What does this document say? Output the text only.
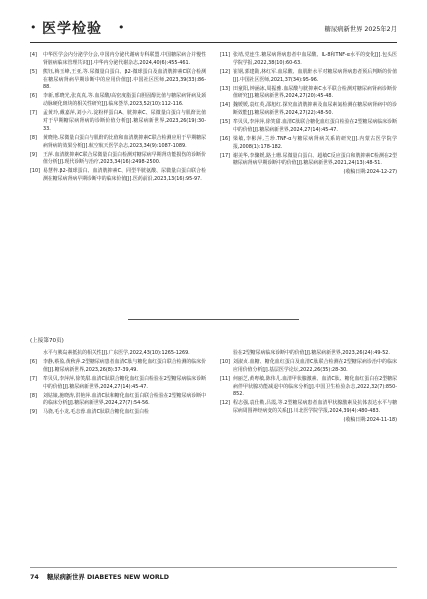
• 医学检验 •	糖尿病新世界 2025年2月
[4]	中华医学会内分泌学分会,中国内分泌代谢病专科联盟.中国糖尿病合并慢性肾脏病临床管理共识[J].中华内分泌代谢杂志,2024,40(6):455-461.
[5]	熊钰,梅玉峰,王亚,等.尿微量白蛋白、β2-微球蛋白及血清胱抑素C联合检测在糖尿病肾病早期诊断中的应用价值[J].中国社区医师,2023,39(33):86-88.
[6]	李新,邢晓光,张真真,等.血尿酸/高密度脂蛋白胆固醇比值与糖尿病肾病及颈动脉硬化斑块的相关性研究[J].临床荟萃,2023,52(10):112-116.
[7]	孟黄玲,戴嘉萍,刘小六.淀粉样蛋白A、胱抑素C、尿微量白蛋白与肌酐比值对于早期糖尿病肾病的诊断价值分析[J].糖尿病新世界,2023,26(19):30-33.
[8]	黄晓艳.尿微量白蛋白与肌酐的比值和血清胱抑素C联合检测应用于早期糖尿病肾病的效果分析[J].航空航天医学杂志,2023,34(9):1087-1089.
[9]	王萍.血清胱抑素C联合尿微量白蛋白检测对糖尿病早期肾功能损伤的诊断价值分析[J].现代诊断与治疗,2023,34(16):2498-2500.
[10] 易慧梓.β2-微球蛋白、血清胱抑素C、同型半胱氨酸、尿微量白蛋白联合检测在糖尿病肾病早期诊断中的临床价值[J].医药前沿,2023,13(16):95-97.
[11] 张靖,党连生.糖尿病肾病患者中血尿酸、IL-8和TNF-α水平的变化[J].包头医学院学报,2022,38(10):60-63.
[12] 崔钢,郭建勋,林红军.血尿酸、血肌酐水平对糖尿病肾病患者预后判断的价值[J].中国社区医师,2021,37(34):95-96.
[13] 田童阳,钟涵冰,周振雅.血尿酸与胱抑素C水平联合检测对糖尿病肾病诊断价值研究[J].糖尿病新世界,2024,27(20):45-48.
[14] 魏媛媛,袁红英,邵旭红.探究血清胱抑素及血尿素氮检测在糖尿病肾病中的诊断效能[J].糖尿病新世界,2024,27(22):48-50.
[15] 牟贝贝,李萍萍,徐笑甜.血清C肽联合糖化血红蛋白检验在2型糖尿病临床诊断中的价值[J].糖尿病新世界,2024,27(14):45-47.
[16] 梁敏,李彬萍,兰珍.TNF-α与糖尿病肾病关系的研究[J].内蒙古医学院学报,2008(1):178-182.
[17] 谢美华,李骤媛,路土珊.尿微量白蛋白、超敏C反应蛋白和胱抑素C检测在2型糖尿病肾病早期诊断中的价值[J].糖尿病新世界,2021,24(13):48-51.
(收稿日期:2024-12-27)
(上接第70页)
水平与胰岛素抵抗的相关性[J].广东医学,2022,43(10):1265-1269.
[6]	李静,蔡盈,黄秋萍.2型糖尿病患者血清C肽与糖化血红蛋白联合检测的临床价值[J].糖尿病新世界,2023,26(8):37-39,49.
[7]	牟贝贝,李萍萍,徐笑甜.血清C肽联合糖化血红蛋白检验在2型糖尿病临床诊断中的价值[J].糖尿病新世界,2024,27(14):45-47.
[8]	刘姑娘,施晓涛,洪艳萍.血清C肽和糖化血红蛋白联合检验在2型糖尿病诊断中的临床分析[J].糖尿病新世界,2024,27(7):54-56.
[9]	马骁,毛小龙,毛志蓉.血清C肽联合糖化血红蛋白检
验在2型糖尿病临床诊断中的价值[J].糖尿病新世界,2023,26(24):49-52.
[10] 刘淑贞.血糖、糖化血红蛋白及血清C肽联合检测在2型糖尿病诊治中的临床应用价值分析[J].基层医学论坛,2022,26(35):28-30.
[11] 何丽芝,黄粤敏,陈伟儿.血清甲状腺激素、血清C肽、糖化血红蛋白在2型糖尿病伴甲状腺功能减退中的临床分析[J].中国卫生检验杂志,2022,32(7):850-852.
[12] 程志强,袁仕勒,吕霞,等.2型糖尿病患者血清甲状腺激素及抗体表达水平与糖尿病周围神经病变的关系[J].川北医学院学报,2024,39(4):480-483.
(收稿日期:2024-11-18)
74 糖尿病新世界 DIABETES NEW WORLD
